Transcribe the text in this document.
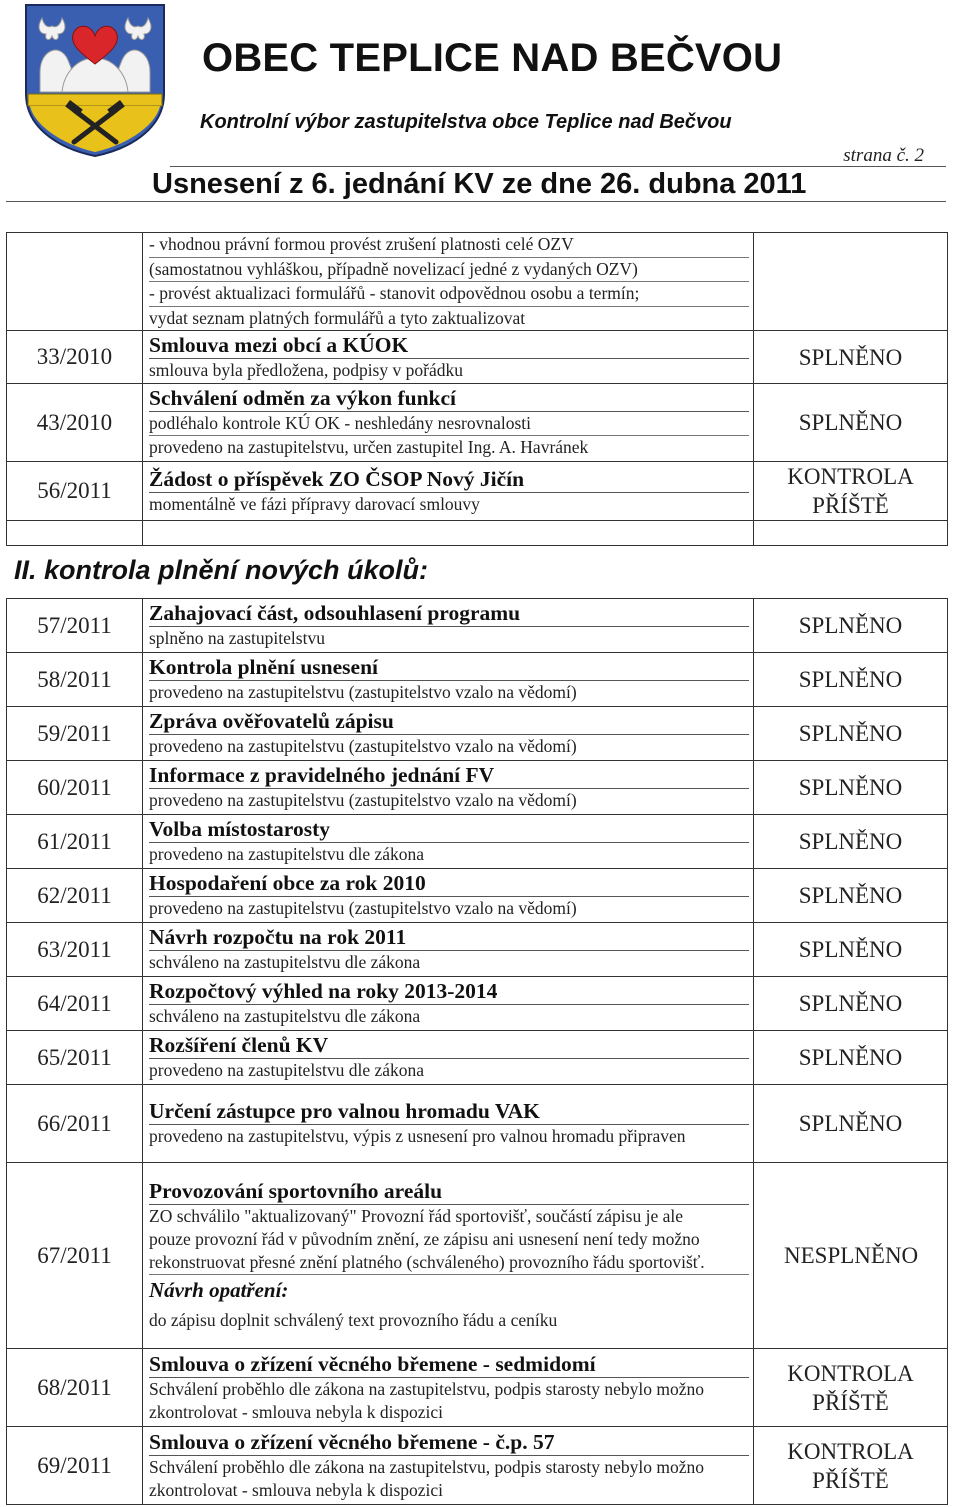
OBEC TEPLICE NAD BEČVOU
Kontrolní výbor zastupitelstva obce Teplice nad Bečvou
strana č. 2
Usnesení z 6. jednání KV ze dne 26. dubna 2011

	- vhodnou právní formou provést zrušení platnosti celé OZV
(samostatnou vyhláškou, případně novelizací jedné z vydaných OZV)
- provést aktualizaci formulářů - stanovit odpovědnou osobu a termín;
vydat seznam platných formulářů a tyto zaktualizovat	

33/2010	Smlouva mezi obcí a KÚOK
smlouva byla předložena, podpisy v pořádku	SPLNĚNO
43/2010	Schválení odměn za výkon funkcí
podléhalo kontrole KÚ OK - neshledány nesrovnalosti
provedeno na zastupitelstvu, určen zastupitel Ing. A. Havránek	SPLNĚNO
56/2011	Žádost o příspěvek ZO ČSOP Nový Jičín
momentálně ve fázi přípravy darovací smlouvy	KONTROLA PŘÍŠTĚ

II. kontrola plnění nových úkolů:
57/2011	Zahajovací část, odsouhlasení programu
splněno na zastupitelstvu	SPLNĚNO
58/2011	Kontrola plnění usnesení
provedeno na zastupitelstvu (zastupitelstvo vzalo na vědomí)	SPLNĚNO
59/2011	Zpráva ověřovatelů zápisu
provedeno na zastupitelstvu (zastupitelstvo vzalo na vědomí)	SPLNĚNO
60/2011	Informace z pravidelného jednání FV
provedeno na zastupitelstvu (zastupitelstvo vzalo na vědomí)	SPLNĚNO
61/2011	Volba místostarosty
provedeno na zastupitelstvu dle zákona	SPLNĚNO
62/2011	Hospodaření obce za rok 2010
provedeno na zastupitelstvu (zastupitelstvo vzalo na vědomí)	SPLNĚNO
63/2011	Návrh rozpočtu na rok 2011
schváleno na zastupitelstvu dle zákona	SPLNĚNO
64/2011	Rozpočtový výhled na roky 2013-2014
schváleno na zastupitelstvu dle zákona	SPLNĚNO
65/2011	Rozšíření členů KV
provedeno na zastupitelstvu dle zákona	SPLNĚNO
66/2011	Určení zástupce pro valnou hromadu VAK
provedeno na zastupitelstvu, výpis z usnesení pro valnou hromadu připraven	SPLNĚNO
67/2011	Provozování sportovního areálu
ZO schválilo "aktualizovaný" Provozní řád sportovišť, součástí zápisu je ale pouze provozní řád v původním znění, ze zápisu ani usnesení není tedy možno rekonstruovat přesné znění platného (schváleného) provozního řádu sportovišť.
Návrh opatření:
do zápisu doplnit schválený text provozního řádu a ceníku	NESPLNĚNO
68/2011	Smlouva o zřízení věcného břemene - sedmidomí
Schválení proběhlo dle zákona na zastupitelstvu, podpis starosty nebylo možno zkontrolovat - smlouva nebyla k dispozici	KONTROLA PŘÍŠTĚ
69/2011	Smlouva o zřízení věcného břemene - č.p. 57
Schválení proběhlo dle zákona na zastupitelstvu, podpis starosty nebylo možno zkontrolovat - smlouva nebyla k dispozici	KONTROLA PŘÍŠTĚ
